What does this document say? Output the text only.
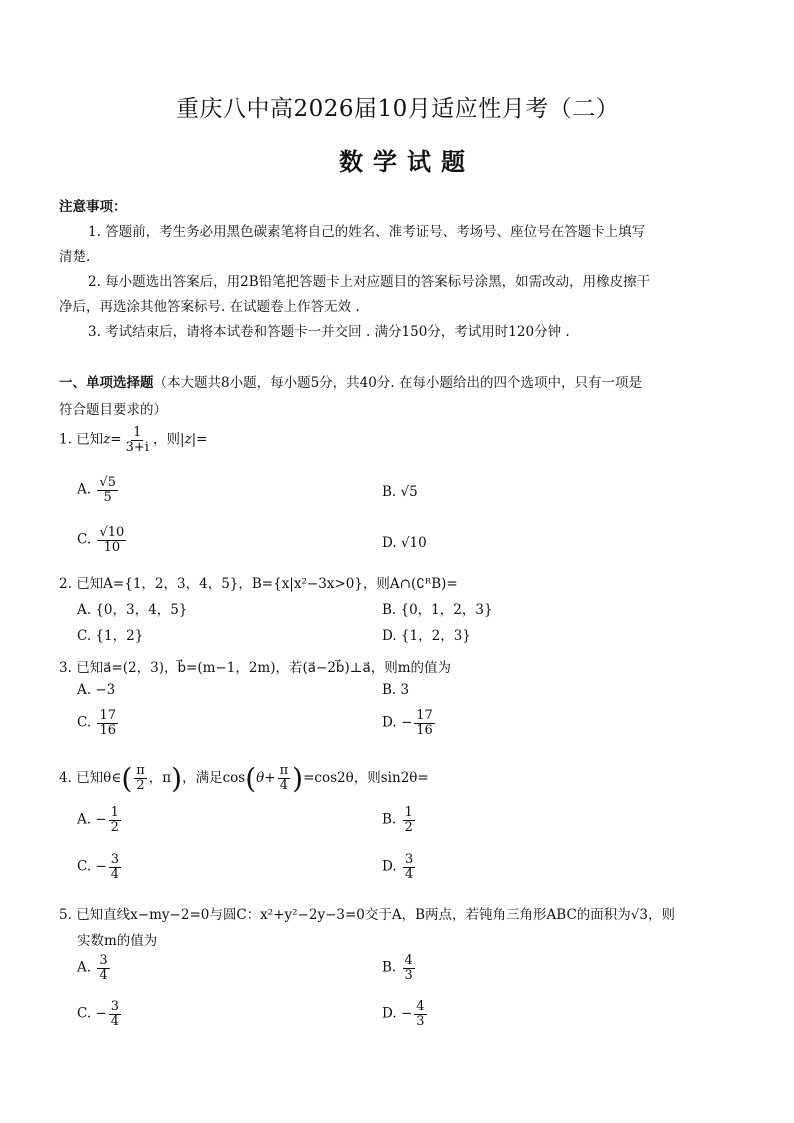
重庆八中高2026届10月适应性月考（二）
数学试题
注意事项：
1. 答题前，考生务必用黑色碳素笔将自己的姓名、准考证号、考场号、座位号在答题卡上填写
清楚.
2. 每小题选出答案后，用2B铅笔把答题卡上对应题目的答案标号涂黑，如需改动，用橡皮擦干
净后，再选涂其他答案标号. 在试题卷上作答无效 .
3. 考试结束后，请将本试卷和答题卡一并交回 . 满分150分，考试用时120分钟 .
一、单项选择题（本大题共8小题，每小题5分，共40分. 在每小题给出的四个选项中，只有一项是
符合题目要求的）
1. 已知$z= \frac{1}{3+i}$ ，则|z|=
A. $\frac{√5}{5}$	B. √5
C. $\frac{√10}{10}$	D. √10
2. 已知A={1，2，3，4，5}，B={x|x²−3x>0}，则A∩(∁ᴿB)=
A. {0，3，4，5}	B. {0，1，2，3}
C. {1，2}	D. {1，2，3}
3. 已知a⃗=(2，3)，b⃗=(m−1，2m)，若(a⃗−2b⃗)⊥a⃗，则m的值为
A. −3	B. 3
C. $\frac{17}{16}$	D. − $\frac{17}{16}$
4. 已知θ∈( $\frac{\pi}{2}$ ，π)，满足$\cos(\theta+ \frac{\pi}{4} )=\cos 2\theta$，则sin2θ=
A. − $\frac{1}{2}$	B. $\frac{1}{2}$
C. − $\frac{3}{4}$	D. $\frac{3}{4}$
5. 已知直线x−my−2=0与圆C：x²+y²−2y−3=0交于A，B两点，若钝角三角形ABC的面积为√3，则
实数m的值为
A. $\frac{3}{4}$	B. $\frac{4}{3}$
C. − $\frac{3}{4}$	D. − $\frac{4}{3}$
